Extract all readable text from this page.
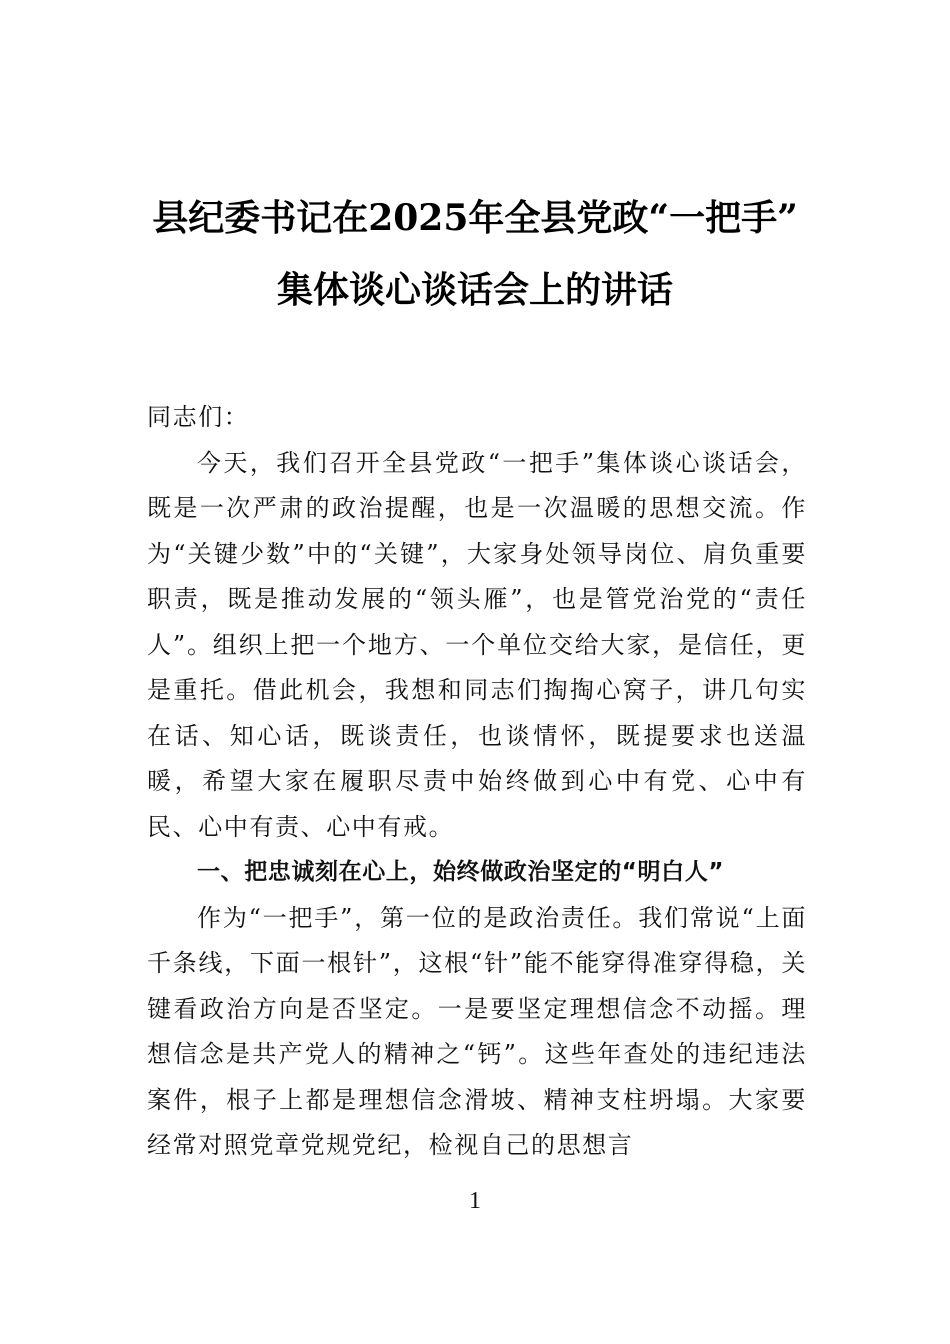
县纪委书记在2025年全县党政“一把手”
集体谈心谈话会上的讲话

同志们：

今天，我们召开全县党政“一把手”集体谈心谈话会，既是一次严肃的政治提醒，也是一次温暖的思想交流。作为“关键少数”中的“关键”，大家身处领导岗位、肩负重要职责，既是推动发展的“领头雁”，也是管党治党的“责任人”。组织上把一个地方、一个单位交给大家，是信任，更是重托。借此机会，我想和同志们掏掏心窝子，讲几句实在话、知心话，既谈责任，也谈情怀，既提要求也送温暖，希望大家在履职尽责中始终做到心中有党、心中有民、心中有责、心中有戒。

一、把忠诚刻在心上，始终做政治坚定的“明白人”

作为“一把手”，第一位的是政治责任。我们常说“上面千条线，下面一根针”，这根“针”能不能穿得准穿得稳，关键看政治方向是否坚定。一是要坚定理想信念不动摇。理想信念是共产党人的精神之“钙”。这些年查处的违纪违法案件，根子上都是理想信念滑坡、精神支柱坍塌。大家要经常对照党章党规党纪，检视自己的思想言

1
